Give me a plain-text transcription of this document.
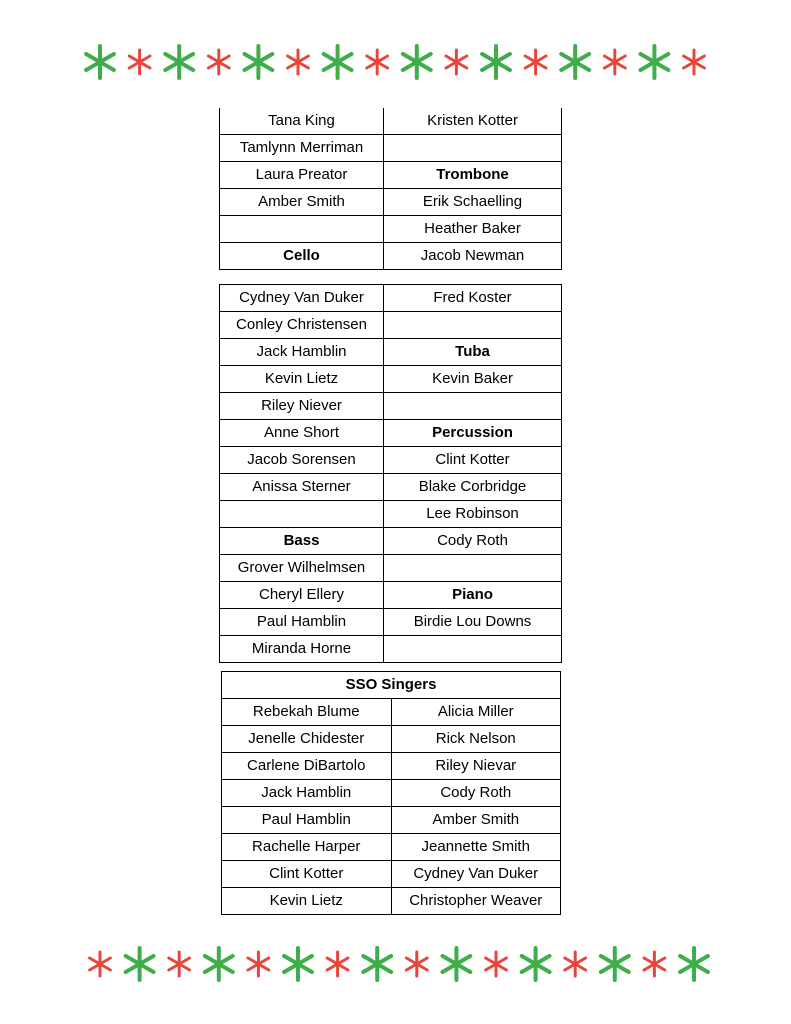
Tana King	Kristen Kotter
Tamlynn Merriman	
Laura Preator	Trombone
Amber Smith	Erik Schaelling
	Heather Baker
Cello	Jacob Newman
Cydney Van Duker	Fred Koster
Conley Christensen	
Jack Hamblin	Tuba
Kevin Lietz	Kevin Baker
Riley Niever	
Anne Short	Percussion
Jacob Sorensen	Clint Kotter
Anissa Sterner	Blake Corbridge
	Lee Robinson
Bass	Cody Roth
Grover Wilhelmsen	
Cheryl Ellery	Piano
Paul Hamblin	Birdie Lou Downs
Miranda Horne	
SSO Singers	
Rebekah Blume	Alicia Miller
Jenelle Chidester	Rick Nelson
Carlene DiBartolo	Riley Nievar
Jack Hamblin	Cody Roth
Paul Hamblin	Amber Smith
Rachelle Harper	Jeannette Smith
Clint Kotter	Cydney Van Duker
Kevin Lietz	Christopher Weaver
